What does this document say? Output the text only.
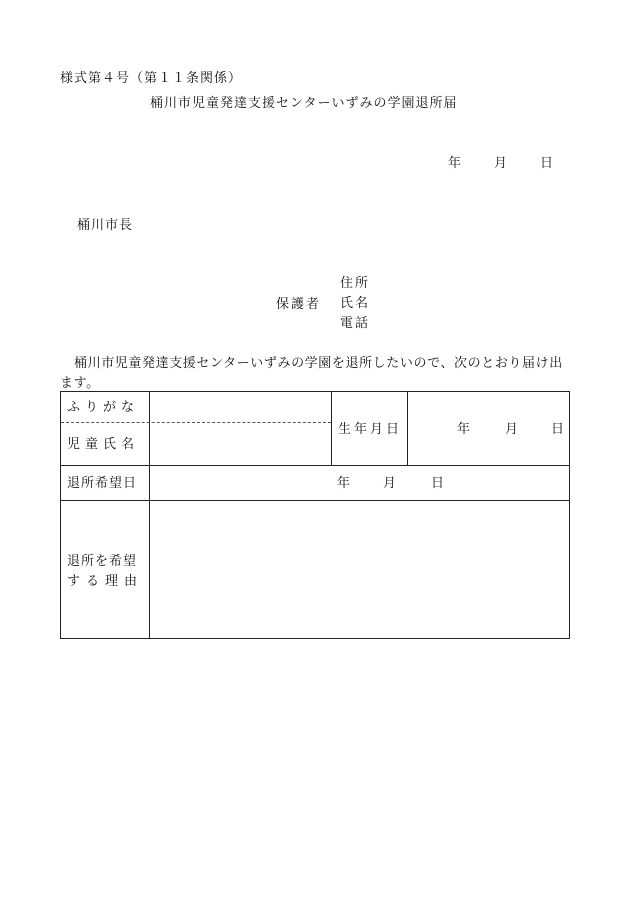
様式第４号（第１１条関係）
桶川市児童発達支援センターいずみの学園退所届
年	月	日
桶川市長
保護者
住所
氏名
電話
桶川市児童発達支援センターいずみの学園を退所したいので、次のとおり届け出ます。
ふりがな
児童氏名
生年月日	年	月	日
退所希望日	年	月	日
退所を希望
する理由
